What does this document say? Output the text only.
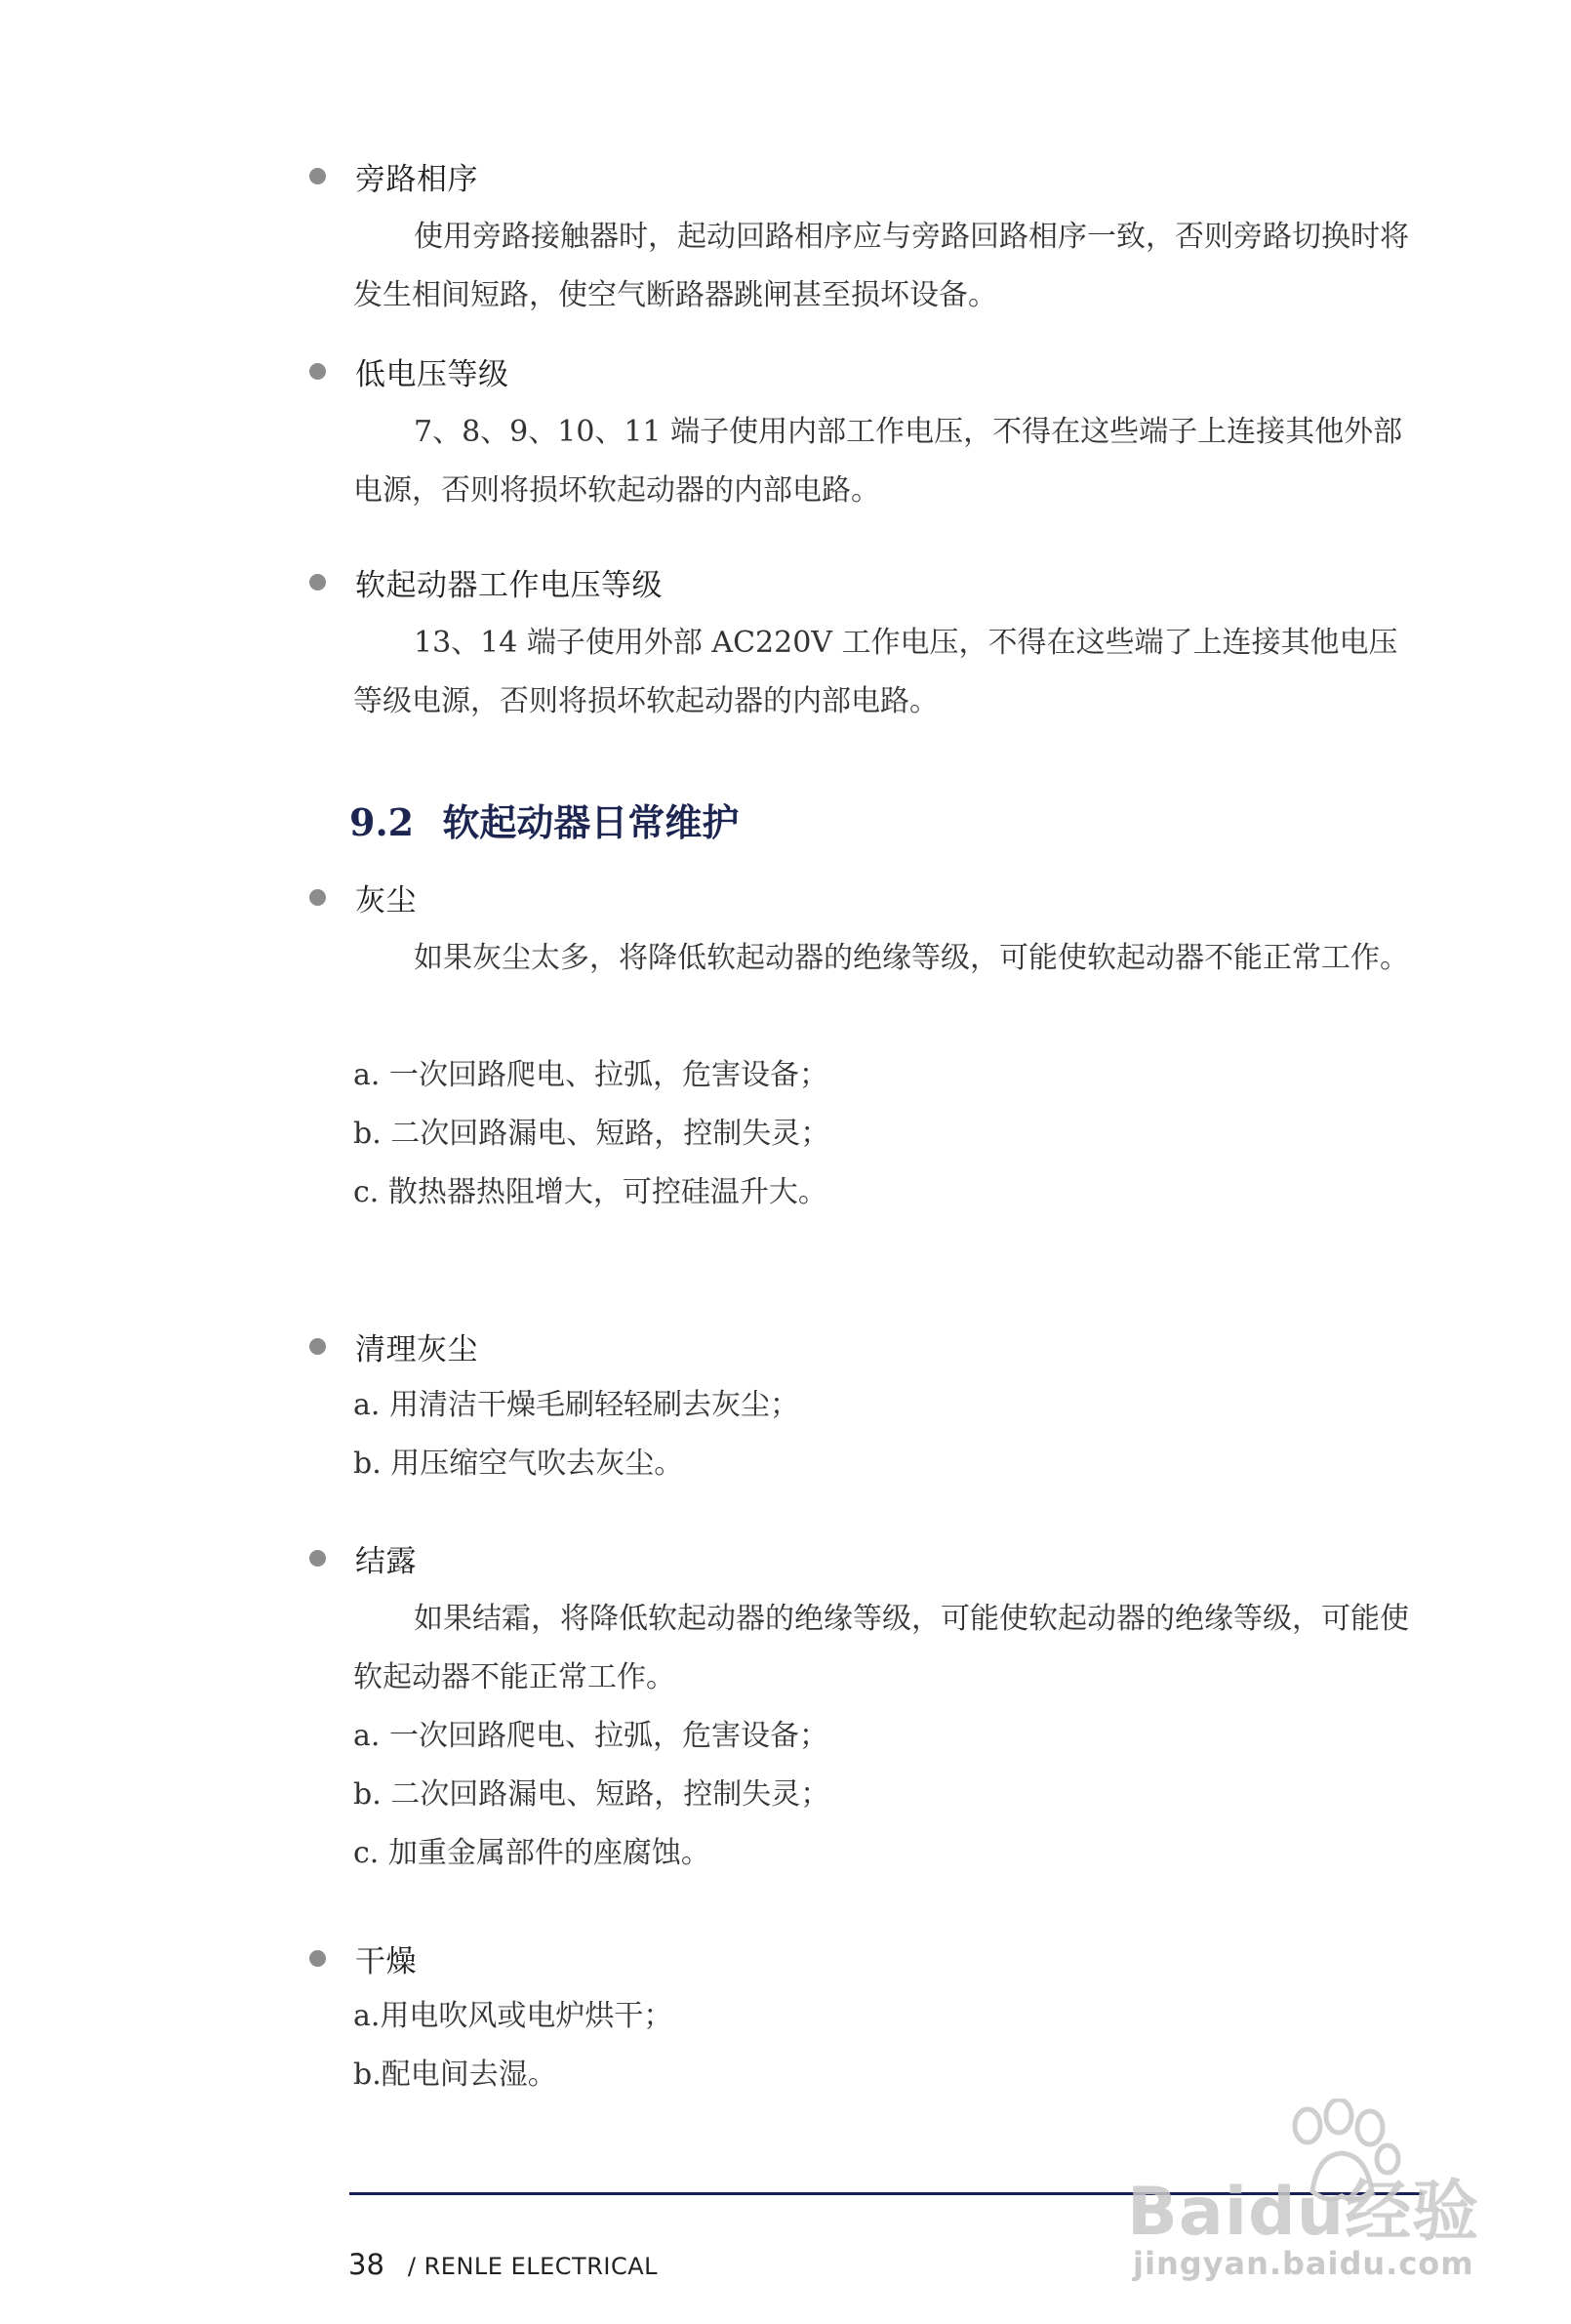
旁路相序

使用旁路接触器时，起动回路相序应与旁路回路相序一致，否则旁路切换时将发生相间短路，使空气断路器跳闸甚至损坏设备。

低电压等级

7、8、9、10、11 端子使用内部工作电压，不得在这些端子上连接其他外部电源，否则将损坏软起动器的内部电路。

软起动器工作电压等级

13、14 端子使用外部 AC220V 工作电压，不得在这些端了上连接其他电压等级电源，否则将损坏软起动器的内部电路。

9.2 软起动器日常维护
灰尘

如果灰尘太多，将降低软起动器的绝缘等级，可能使软起动器不能正常工作。

a. 一次回路爬电、拉弧，危害设备；
b. 二次回路漏电、短路，控制失灵；
c. 散热器热阻增大，可控硅温升大。
清理灰尘
a. 用清洁干燥毛刷轻轻刷去灰尘；
b. 用压缩空气吹去灰尘。
结露

如果结霜，将降低软起动器的绝缘等级，可能使软起动器的绝缘等级，可能使软起动器不能正常工作。

a. 一次回路爬电、拉弧，危害设备；
b. 二次回路漏电、短路，控制失灵；
c. 加重金属部件的座腐蚀。
干燥
a.用电吹风或电炉烘干；
b.配电间去湿。
38 / RENLE ELECTRICAL
Baidu经验
jingyan.baidu.com
